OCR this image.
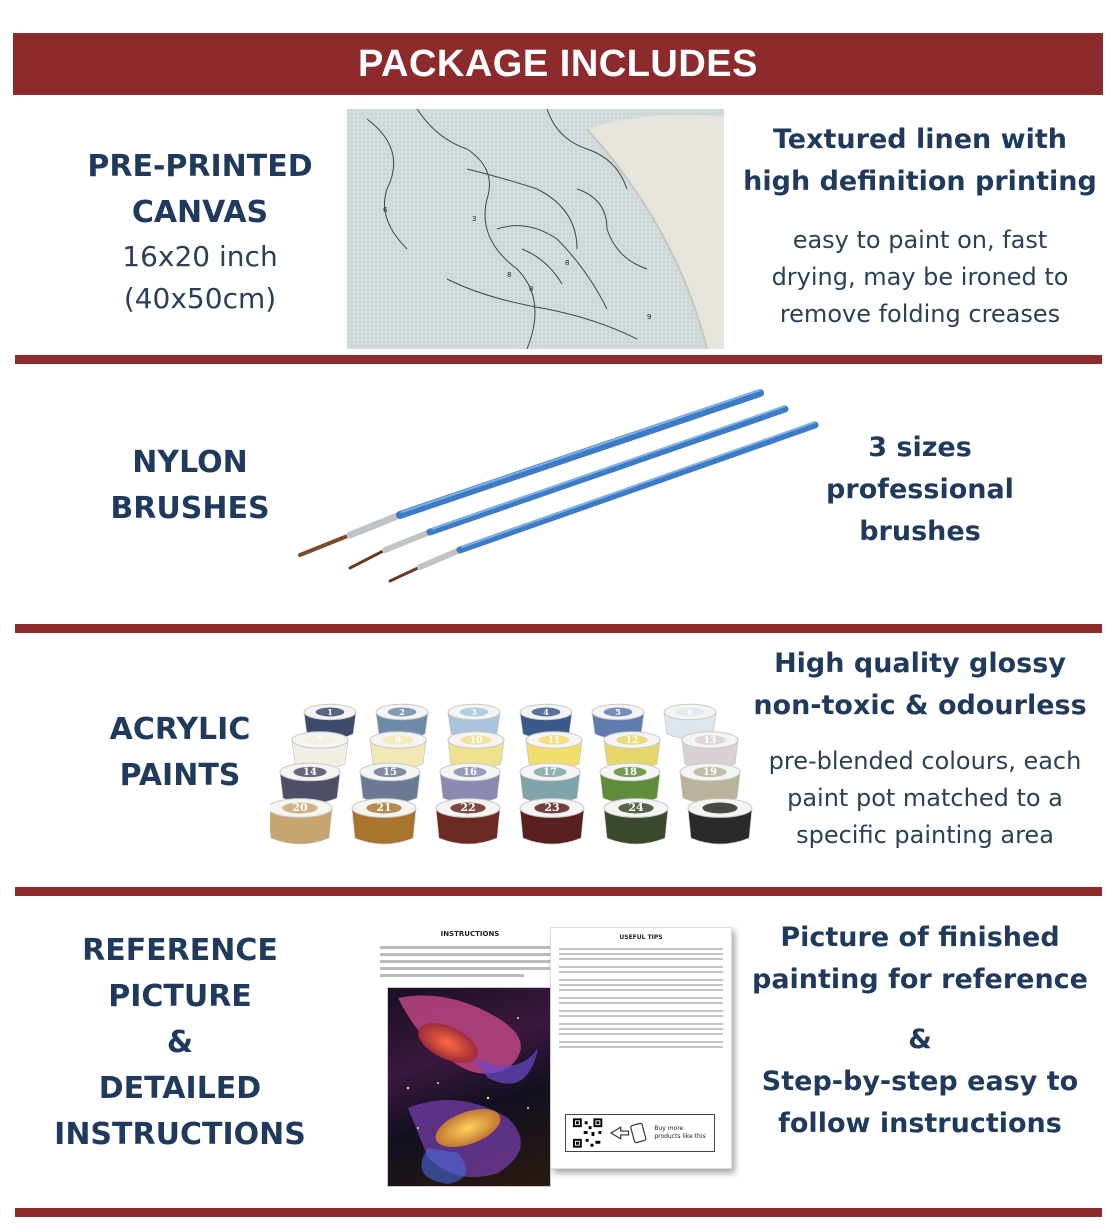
PACKAGE INCLUDES
PRE-PRINTED
CANVAS
16x20 inch
(40x50cm)
6
3
8
8
8
9
Textured linen with
high definition printing
easy to paint on, fast
drying, may be ironed to
remove folding creases
NYLON
BRUSHES
3 sizes
professional
brushes
ACRYLIC
PAINTS
1	2	3	4	5	6
7	9	10	11	12	13
14	15	16	17	18	19
20	21	22	23	24
High quality glossy
non-toxic & odourless
pre-blended colours, each
paint pot matched to a
specific painting area
REFERENCE
PICTURE
&
DETAILED
INSTRUCTIONS
INSTRUCTIONS	USEFUL TIPS
Buy more products like this
Picture of finished
painting for reference
&
Step-by-step easy to
follow instructions
